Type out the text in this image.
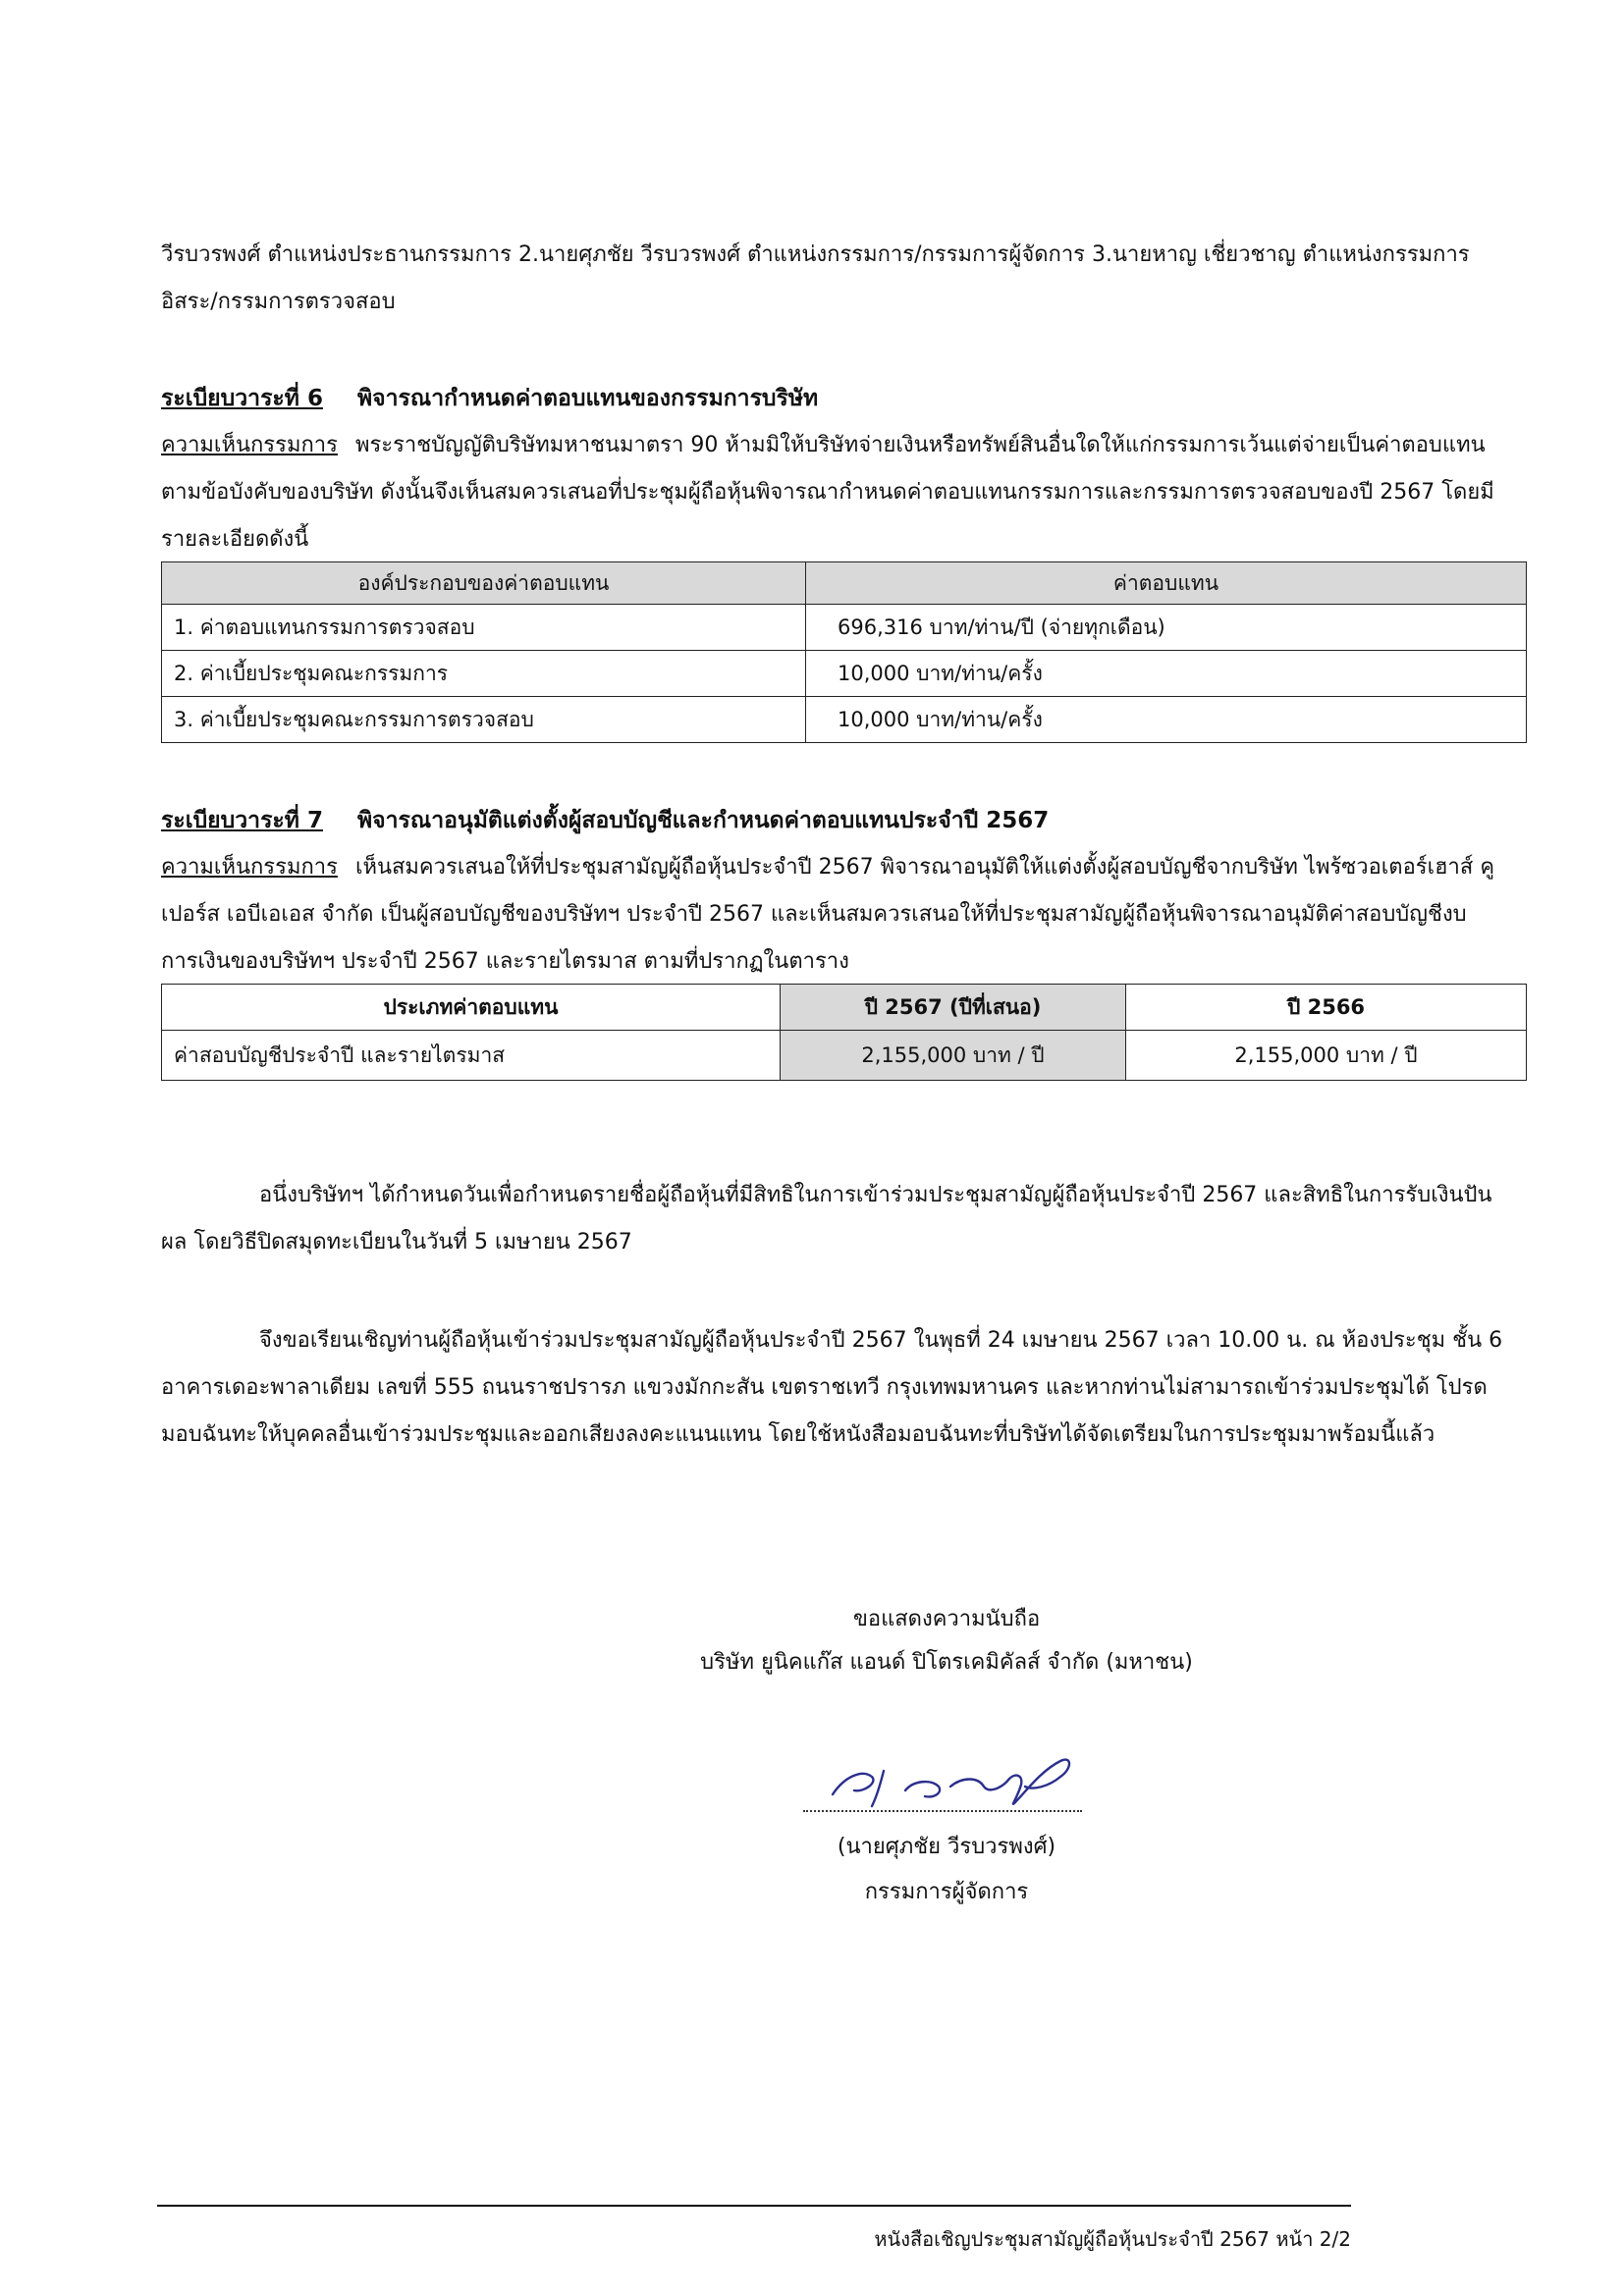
วีรบวรพงศ์ ตำแหน่งประธานกรรมการ 2.นายศุภชัย วีรบวรพงศ์ ตำแหน่งกรรมการ/กรรมการผู้จัดการ 3.นายหาญ เชี่ยวชาญ ตำแหน่งกรรมการ
อิสระ/กรรมการตรวจสอบ
ระเบียบวาระที่ 6 พิจารณากำหนดค่าตอบแทนของกรรมการบริษัท
ความเห็นกรรมการ พระราชบัญญัติบริษัทมหาชนมาตรา 90 ห้ามมิให้บริษัทจ่ายเงินหรือทรัพย์สินอื่นใดให้แก่กรรมการเว้นแต่จ่ายเป็นค่าตอบแทน
ตามข้อบังคับของบริษัท ดังนั้นจึงเห็นสมควรเสนอที่ประชุมผู้ถือหุ้นพิจารณากำหนดค่าตอบแทนกรรมการและกรรมการตรวจสอบของปี 2567 โดยมี
รายละเอียดดังนี้
องค์ประกอบของค่าตอบแทน	ค่าตอบแทน
1. ค่าตอบแทนกรรมการตรวจสอบ	696,316 บาท/ท่าน/ปี (จ่ายทุกเดือน)
2. ค่าเบี้ยประชุมคณะกรรมการ	10,000 บาท/ท่าน/ครั้ง
3. ค่าเบี้ยประชุมคณะกรรมการตรวจสอบ	10,000 บาท/ท่าน/ครั้ง
ระเบียบวาระที่ 7 พิจารณาอนุมัติแต่งตั้งผู้สอบบัญชีและกำหนดค่าตอบแทนประจำปี 2567
ความเห็นกรรมการ เห็นสมควรเสนอให้ที่ประชุมสามัญผู้ถือหุ้นประจำปี 2567 พิจารณาอนุมัติให้แต่งตั้งผู้สอบบัญชีจากบริษัท ไพร้ซวอเตอร์เฮาส์ คู
เปอร์ส เอบีเอเอส จำกัด เป็นผู้สอบบัญชีของบริษัทฯ ประจำปี 2567 และเห็นสมควรเสนอให้ที่ประชุมสามัญผู้ถือหุ้นพิจารณาอนุมัติค่าสอบบัญชีงบ
การเงินของบริษัทฯ ประจำปี 2567 และรายไตรมาส ตามที่ปรากฏในตาราง
ประเภทค่าตอบแทน	ปี 2567 (ปีที่เสนอ)	ปี 2566
ค่าสอบบัญชีประจำปี และรายไตรมาส	2,155,000 บาท / ปี	2,155,000 บาท / ปี
อนึ่งบริษัทฯ ได้กำหนดวันเพื่อกำหนดรายชื่อผู้ถือหุ้นที่มีสิทธิในการเข้าร่วมประชุมสามัญผู้ถือหุ้นประจำปี 2567 และสิทธิในการรับเงินปัน
ผล โดยวิธีปิดสมุดทะเบียนในวันที่ 5 เมษายน 2567
จึงขอเรียนเชิญท่านผู้ถือหุ้นเข้าร่วมประชุมสามัญผู้ถือหุ้นประจำปี 2567 ในพุธที่ 24 เมษายน 2567 เวลา 10.00 น. ณ ห้องประชุม ชั้น 6
อาคารเดอะพาลาเดียม เลขที่ 555 ถนนราชปรารภ แขวงมักกะสัน เขตราชเทวี กรุงเทพมหานคร และหากท่านไม่สามารถเข้าร่วมประชุมได้ โปรด
มอบฉันทะให้บุคคลอื่นเข้าร่วมประชุมและออกเสียงลงคะแนนแทน โดยใช้หนังสือมอบฉันทะที่บริษัทได้จัดเตรียมในการประชุมมาพร้อมนี้แล้ว
ขอแสดงความนับถือ
บริษัท ยูนิคแก๊ส แอนด์ ปิโตรเคมิคัลส์ จำกัด (มหาชน)
(นายศุภชัย วีรบวรพงศ์)
กรรมการผู้จัดการ
หนังสือเชิญประชุมสามัญผู้ถือหุ้นประจำปี 2567 หน้า 2/2
